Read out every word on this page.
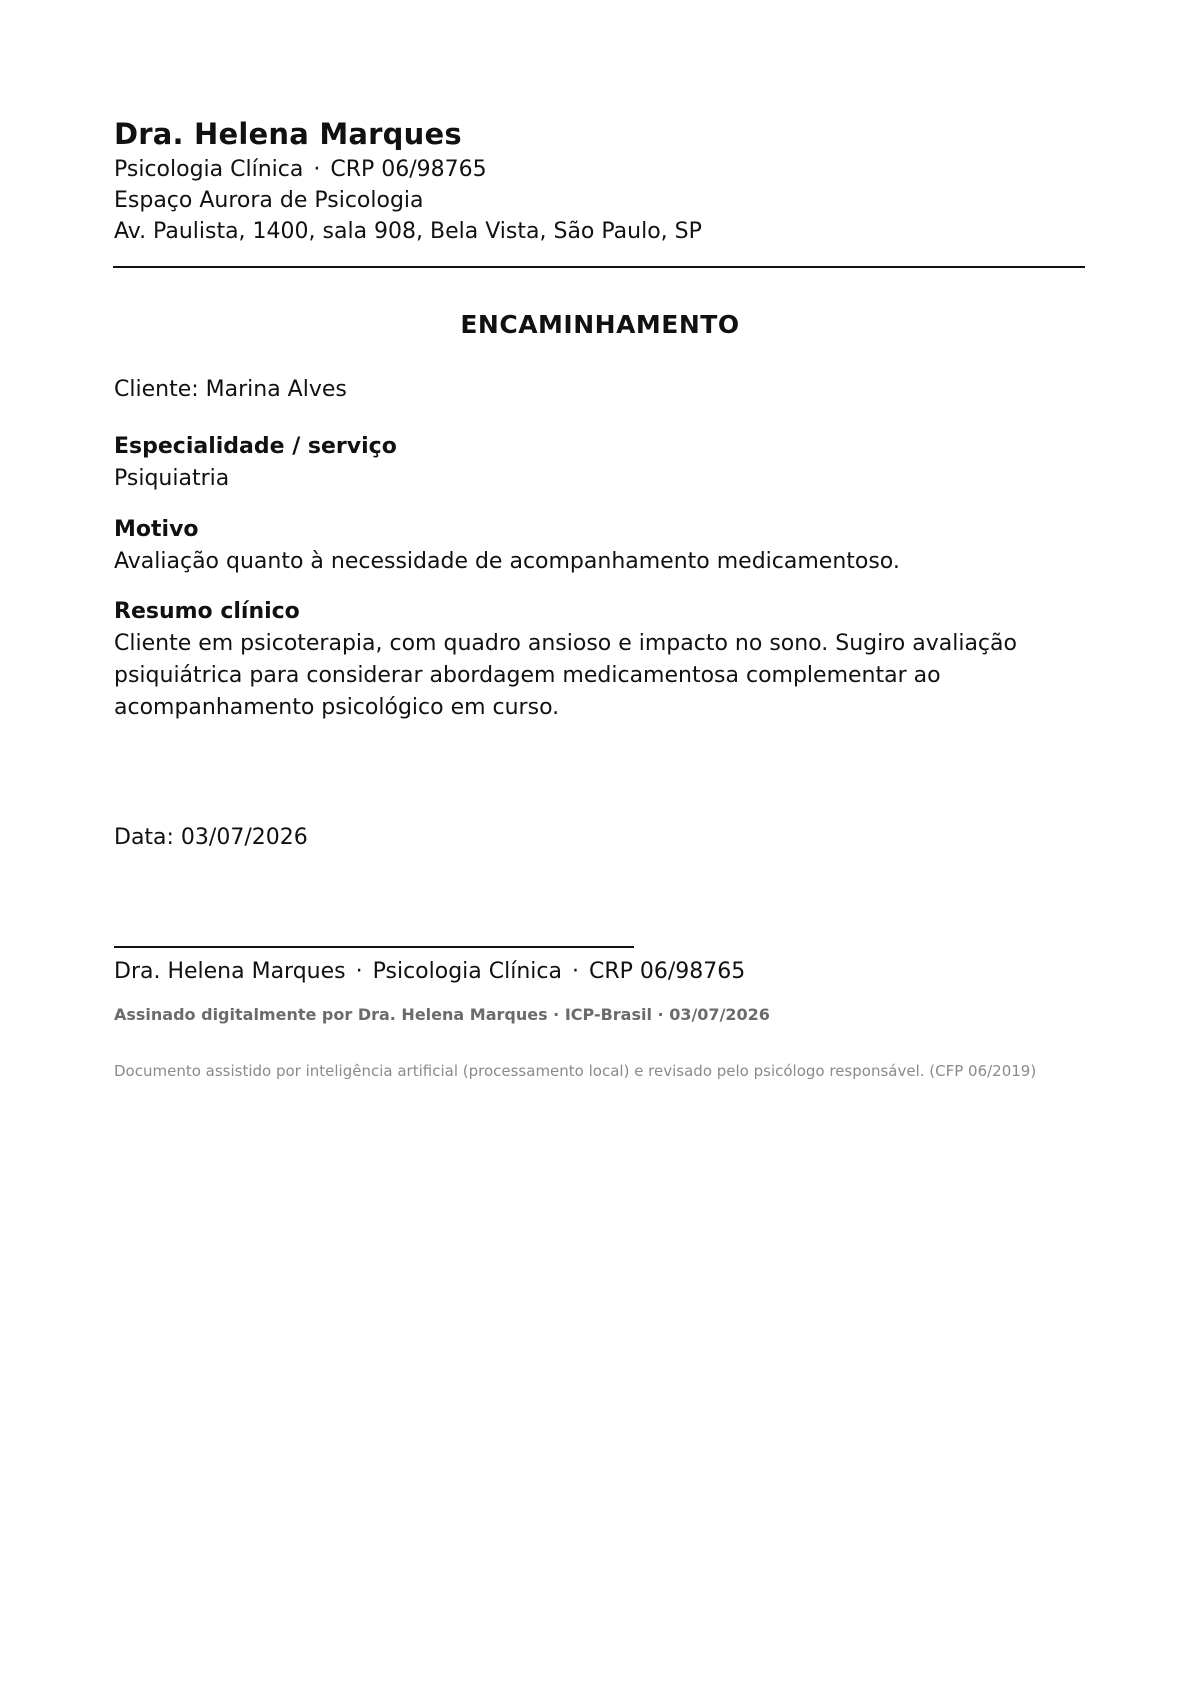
Dra. Helena Marques
Psicologia Clínica · CRP 06/98765
Espaço Aurora de Psicologia
Av. Paulista, 1400, sala 908, Bela Vista, São Paulo, SP
ENCAMINHAMENTO
Cliente: Marina Alves
Especialidade / serviço
Psiquiatria
Motivo
Avaliação quanto à necessidade de acompanhamento medicamentoso.
Resumo clínico
Cliente em psicoterapia, com quadro ansioso e impacto no sono. Sugiro avaliação psiquiátrica para considerar abordagem medicamentosa complementar ao acompanhamento psicológico em curso.
Data: 03/07/2026
Dra. Helena Marques · Psicologia Clínica · CRP 06/98765
Assinado digitalmente por Dra. Helena Marques · ICP-Brasil · 03/07/2026
Documento assistido por inteligência artificial (processamento local) e revisado pelo psicólogo responsável. (CFP 06/2019)
